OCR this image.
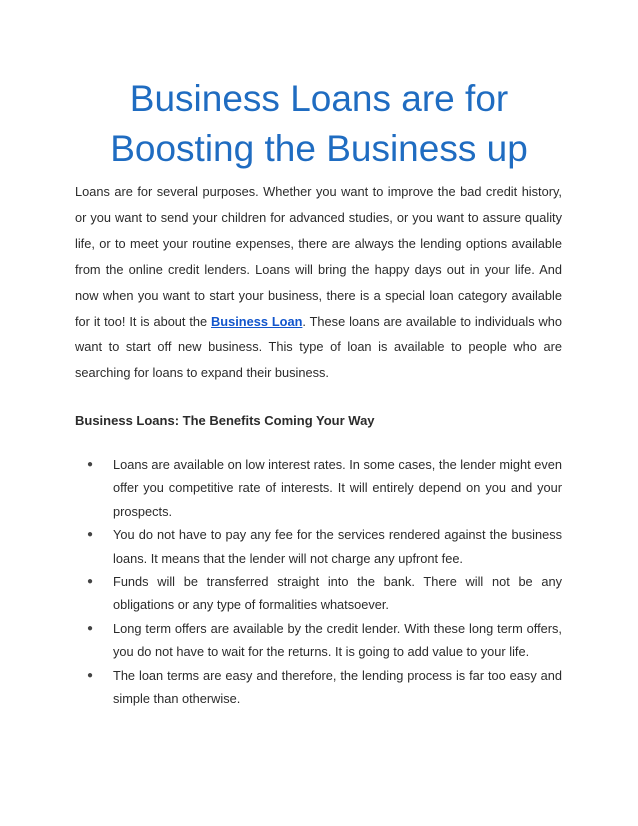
Business Loans are for
Boosting the Business up

Loans are for several purposes. Whether you want to improve the bad credit history, or you want to send your children for advanced studies, or you want to assure quality life, or to meet your routine expenses, there are always the lending options available from the online credit lenders. Loans will bring the happy days out in your life. And now when you want to start your business, there is a special loan category available for it too! It is about the Business Loan. These loans are available to individuals who want to start off new business. This type of loan is available to people who are searching for loans to expand their business.

Business Loans: The Benefits Coming Your Way
● Loans are available on low interest rates. In some cases, the lender might even offer you competitive rate of interests. It will entirely depend on you and your prospects.
● You do not have to pay any fee for the services rendered against the business loans. It means that the lender will not charge any upfront fee.
● Funds will be transferred straight into the bank. There will not be any obligations or any type of formalities whatsoever.
● Long term offers are available by the credit lender. With these long term offers, you do not have to wait for the returns. It is going to add value to your life.
● The loan terms are easy and therefore, the lending process is far too easy and simple than otherwise.
